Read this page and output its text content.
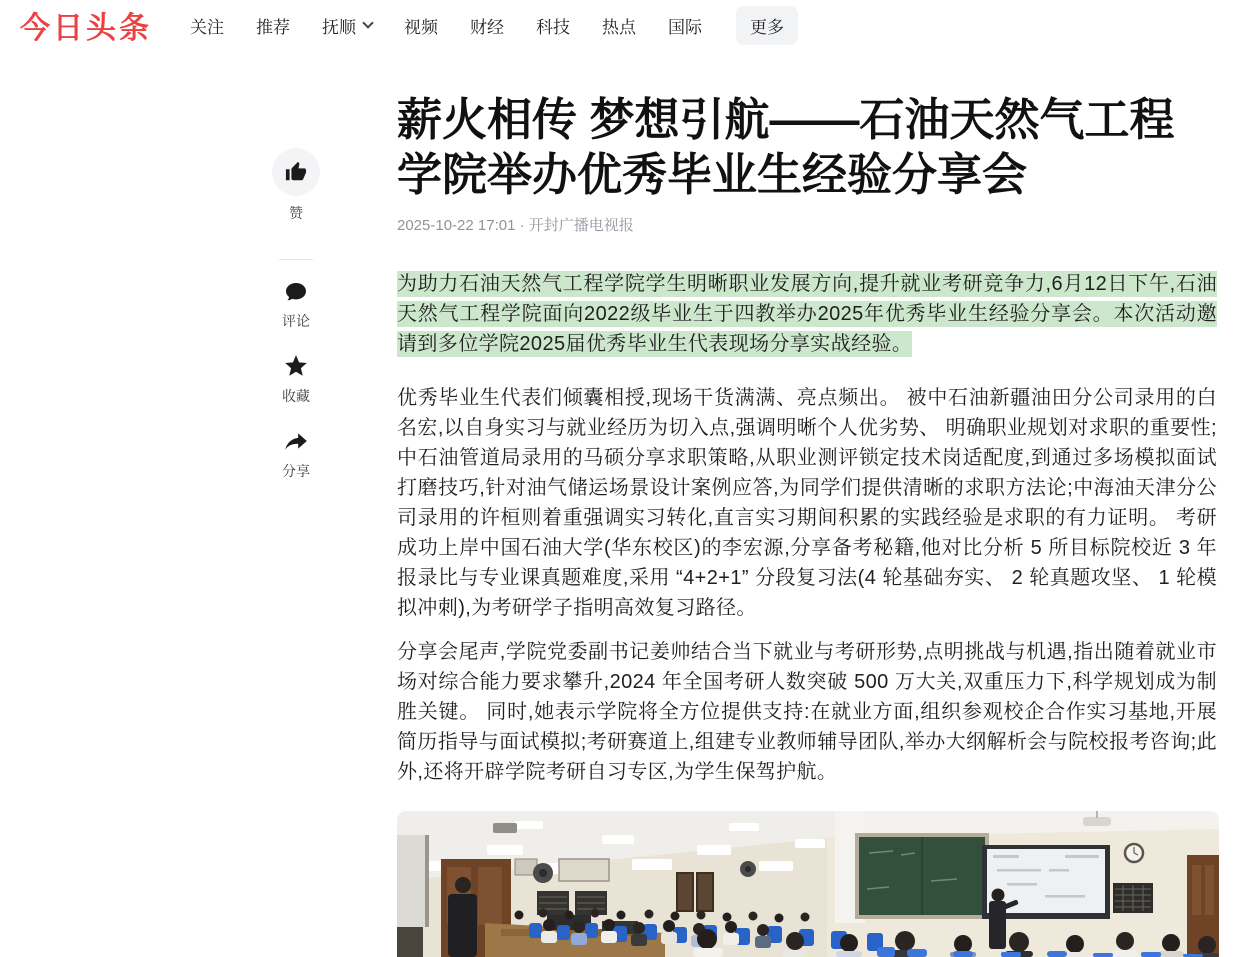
今日头条 关注 推荐 抚顺	视频 财经 科技 热点 国际	更多
赞
评论
收藏
分享
薪火相传 梦想引航——石油天然气工程学院举办优秀毕业生经验分享会
2025-10-22 17:01 · 开封广播电视报

为助力石油天然气工程学院学生明晰职业发展方向,提升就业考研竞争力,6月12日下午,石油天然气工程学院面向2022级毕业生于四教举办2025年优秀毕业生经验分享会。本次活动邀请到多位学院2025届优秀毕业生代表现场分享实战经验。

优秀毕业生代表们倾囊相授,现场干货满满、亮点频出。 被中石油新疆油田分公司录用的白名宏,以自身实习与就业经历为切入点,强调明晰个人优劣势、 明确职业规划对求职的重要性;中石油管道局录用的马硕分享求职策略,从职业测评锁定技术岗适配度,到通过多场模拟面试打磨技巧,针对油气储运场景设计案例应答,为同学们提供清晰的求职方法论;中海油天津分公司录用的许桓则着重强调实习转化,直言实习期间积累的实践经验是求职的有力证明。 考研成功上岸中国石油大学(华东校区)的李宏源,分享备考秘籍,他对比分析 5 所目标院校近 3 年报录比与专业课真题难度,采用 “4+2+1” 分段复习法(4 轮基础夯实、 2 轮真题攻坚、 1 轮模拟冲刺),为考研学子指明高效复习路径。

分享会尾声,学院党委副书记姜帅结合当下就业与考研形势,点明挑战与机遇,指出随着就业市场对综合能力要求攀升,2024 年全国考研人数突破 500 万大关,双重压力下,科学规划成为制胜关键。 同时,她表示学院将全方位提供支持:在就业方面,组织参观校企合作实习基地,开展简历指导与面试模拟;考研赛道上,组建专业教师辅导团队,举办大纲解析会与院校报考咨询;此外,还将开辟学院考研自习专区,为学生保驾护航。
